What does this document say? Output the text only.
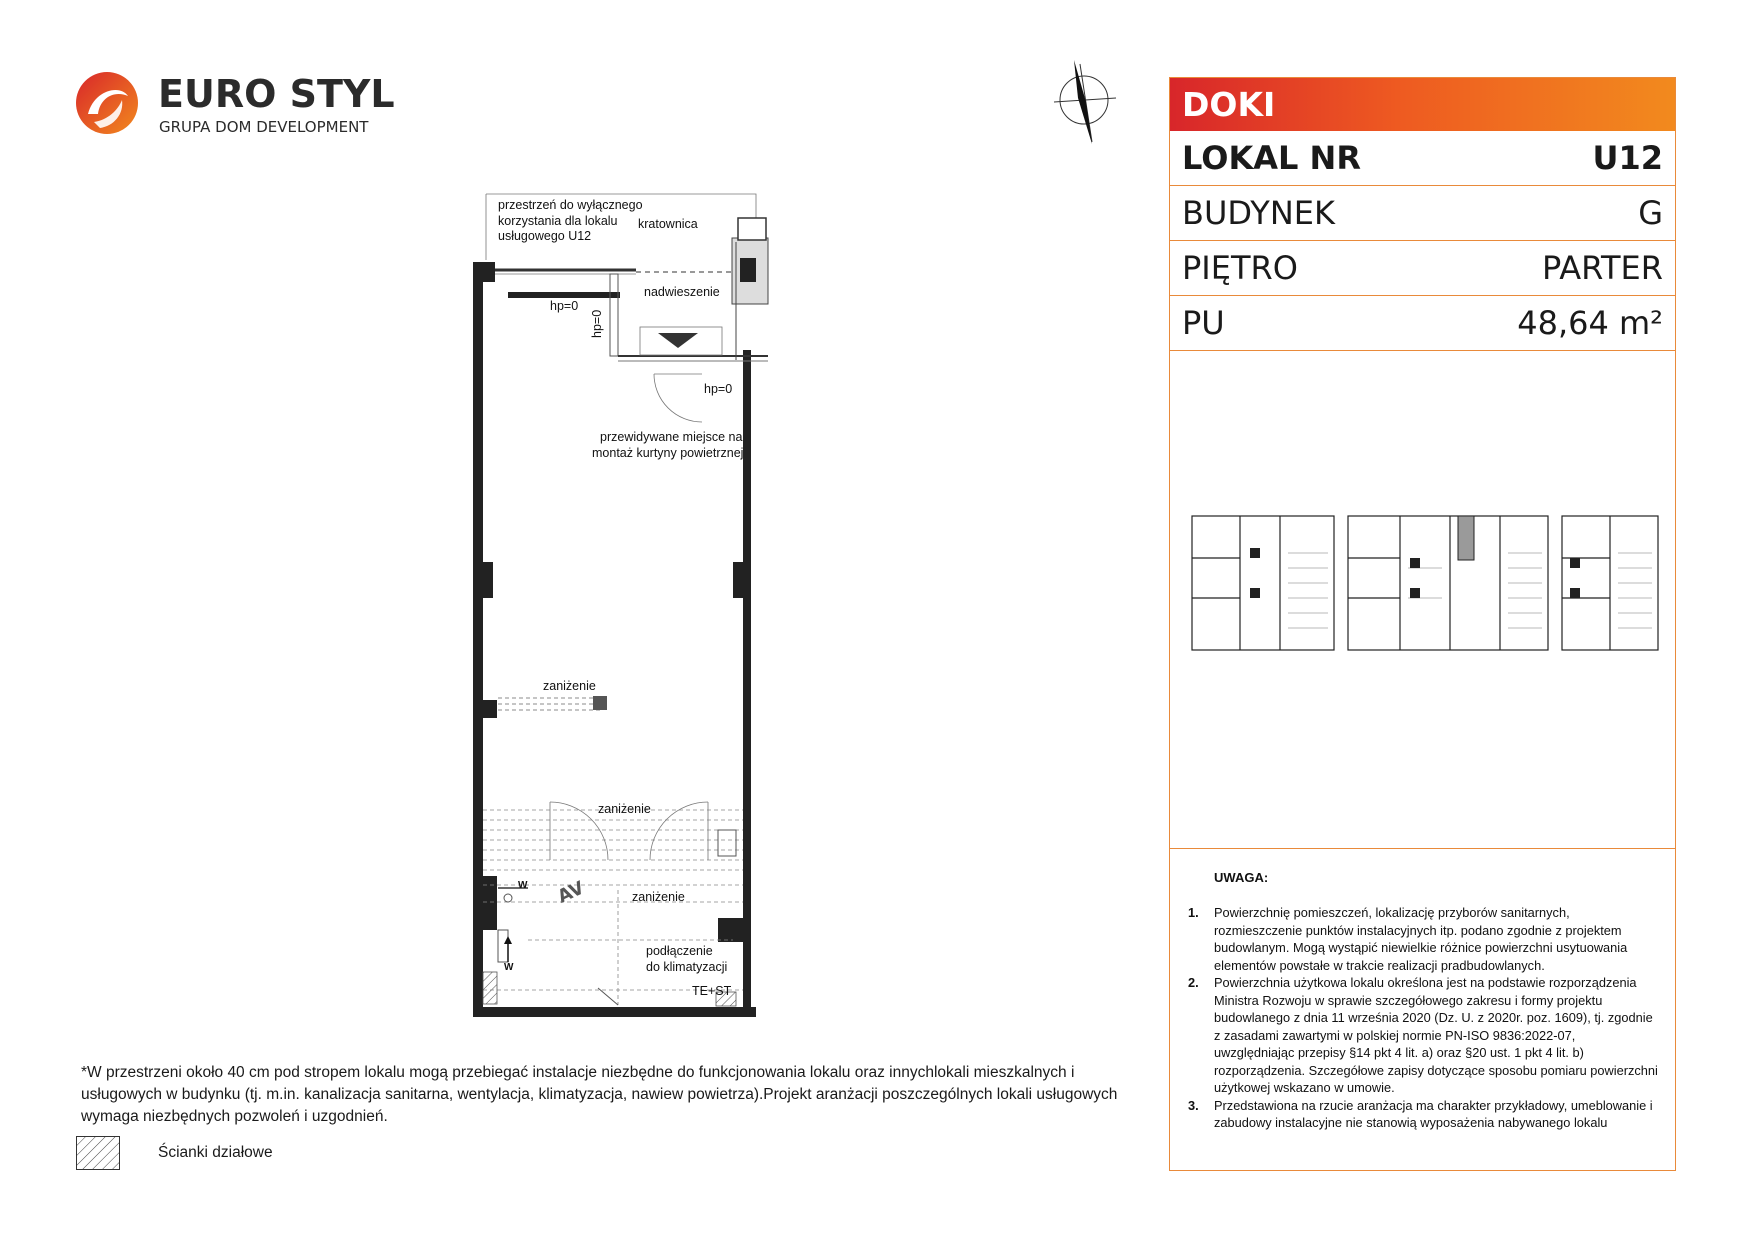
EURO STYL
GRUPA DOM DEVELOPMENT
przestrzeń do wyłącznego
korzystania dla lokalu
usługowego U12
kratownica
nadwieszenie
hp=0
hp=0
hp=0
przewidywane miejsce na
montaż kurtyny powietrznej
zaniżenie
zaniżenie
zaniżenie
podłączenie
do klimatyzacji
TE+ST
W
W
AV
*W przestrzeni około 40 cm pod stropem lokalu mogą przebiegać instalacje niezbędne do funkcjonowania lokalu oraz innychlokali mieszkalnych i usługowych w budynku (tj. m.in. kanalizacja sanitarna, wentylacja, klimatyzacja, nawiew powietrza).Projekt aranżacji poszczególnych lokali usługowych wymaga niezbędnych pozwoleń i uzgodnień.
Ścianki działowe
DOKI
LOKAL NR	U12
BUDYNEK	G
PIĘTRO	PARTER
PU	48,64 m²
UWAGA:
1.	Powierzchnię pomieszczeń, lokalizację przyborów sanitarnych, rozmieszczenie punktów instalacyjnych itp. podano zgodnie z projektem budowlanym. Mogą wystąpić niewielkie różnice powierzchni usytuowania elementów powstałe w trakcie realizacji pradbudowlanych.
2.	Powierzchnia użytkowa lokalu określona jest na podstawie rozporządzenia Ministra Rozwoju w sprawie szczegółowego zakresu i formy projektu budowlanego z dnia 11 września 2020 (Dz. U. z 2020r. poz. 1609), tj. zgodnie z zasadami zawartymi w polskiej normie PN-ISO 9836:2022-07, uwzględniając przepisy §14 pkt 4 lit. a) oraz §20 ust. 1 pkt 4 lit. b) rozporządzenia. Szczegółowe zapisy dotyczące sposobu pomiaru powierzchni użytkowej wskazano w umowie.
3.	Przedstawiona na rzucie aranżacja ma charakter przykładowy, umeblowanie i zabudowy instalacyjne nie stanowią wyposażenia nabywanego lokalu
